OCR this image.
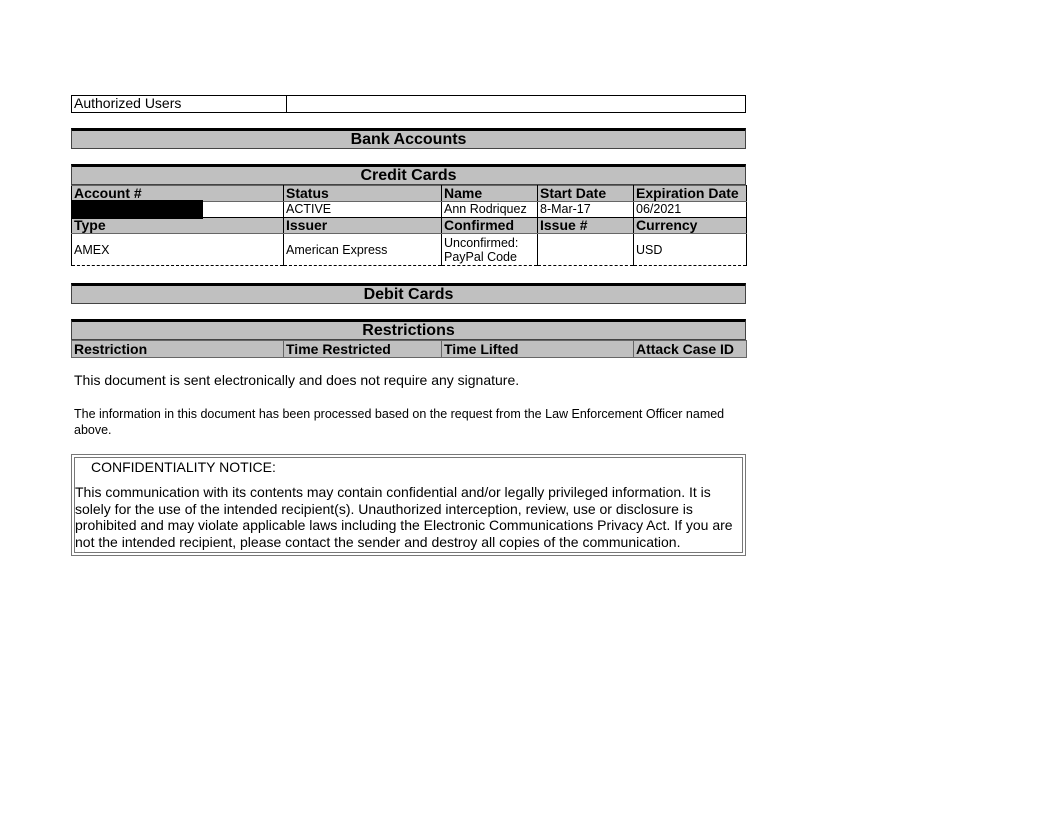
Authorized Users
Bank Accounts
Credit Cards
Account #	Status	Name	Start Date	Expiration Date
	ACTIVE	Ann Rodriquez	8-Mar-17	06/2021
Type	Issuer	Confirmed	Issue #	Currency
AMEX	American Express	Unconfirmed: PayPal Code		USD
Debit Cards
Restrictions
Restriction	Time Restricted	Time Lifted		Attack Case ID
This document is sent electronically and does not require any signature.
The information in this document has been processed based on the request from the Law Enforcement Officer named above.
CONFIDENTIALITY NOTICE:
This communication with its contents may contain confidential and/or legally privileged information. It is solely for the use of the intended recipient(s). Unauthorized interception, review, use or disclosure is prohibited and may violate applicable laws including the Electronic Communications Privacy Act. If you are not the intended recipient, please contact the sender and destroy all copies of the communication.
